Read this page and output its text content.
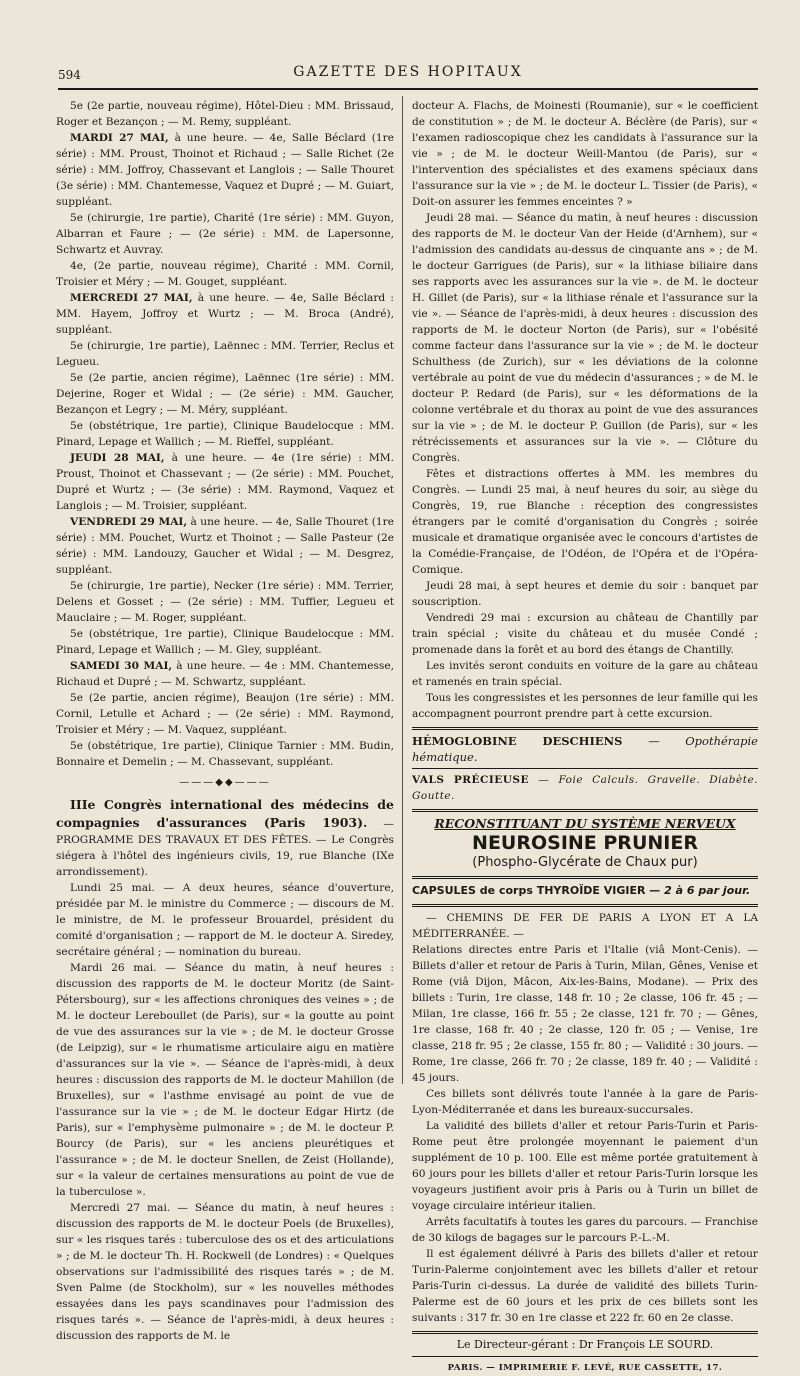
594	GAZETTE DES HOPITAUX

5e (2e partie, nouveau régime), Hôtel-Dieu : MM. Brissaud, Roger et Bezançon ; — M. Remy, suppléant.

MARDI 27 MAI, à une heure. — 4e, Salle Béclard (1re série) : MM. Proust, Thoinot et Richaud ; — Salle Richet (2e série) : MM. Joffroy, Chassevant et Langlois ; — Salle Thouret (3e série) : MM. Chantemesse, Vaquez et Dupré ; — M. Guiart, suppléant.

5e (chirurgie, 1re partie), Charité (1re série) : MM. Guyon, Albarran et Faure ; — (2e série) : MM. de Lapersonne, Schwartz et Auvray.

4e, (2e partie, nouveau régime), Charité : MM. Cornil, Troisier et Méry ; — M. Gouget, suppléant.

MERCREDI 27 MAI, à une heure. — 4e, Salle Béclard : MM. Hayem, Joffroy et Wurtz ; — M. Broca (André), suppléant.

5e (chirurgie, 1re partie), Laënnec : MM. Terrier, Reclus et Legueu.

5e (2e partie, ancien régime), Laënnec (1re série) : MM. Dejerine, Roger et Widal ; — (2e série) : MM. Gaucher, Bezançon et Legry ; — M. Méry, suppléant.

5e (obstétrique, 1re partie), Clinique Baudelocque : MM. Pinard, Lepage et Wallich ; — M. Rieffel, suppléant.

JEUDI 28 MAI, à une heure. — 4e (1re série) : MM. Proust, Thoinot et Chassevant ; — (2e série) : MM. Pouchet, Dupré et Wurtz ; — (3e série) : MM. Raymond, Vaquez et Langlois ; — M. Troisier, suppléant.

VENDREDI 29 MAI, à une heure. — 4e, Salle Thouret (1re série) : MM. Pouchet, Wurtz et Thoinot ; — Salle Pasteur (2e série) : MM. Landouzy, Gaucher et Widal ; — M. Desgrez, suppléant.

5e (chirurgie, 1re partie), Necker (1re série) : MM. Terrier, Delens et Gosset ; — (2e série) : MM. Tuffier, Legueu et Mauclaire ; — M. Roger, suppléant.

5e (obstétrique, 1re partie), Clinique Baudelocque : MM. Pinard, Lepage et Wallich ; — M. Gley, suppléant.

SAMEDI 30 MAI, à une heure. — 4e : MM. Chantemesse, Richaud et Dupré ; — M. Schwartz, suppléant.

5e (2e partie, ancien régime), Beaujon (1re série) : MM. Cornil, Letulle et Achard ; — (2e série) : MM. Raymond, Troisier et Méry ; — M. Vaquez, suppléant.

5e (obstétrique, 1re partie), Clinique Tarnier : MM. Budin, Bonnaire et Demelin ; — M. Chassevant, suppléant.

———◆◆———

IIIe Congrès international des médecins de compagnies d'assurances (Paris 1903). — PROGRAMME DES TRAVAUX ET DES FÊTES. — Le Congrès siégera à l'hôtel des ingénieurs civils, 19, rue Blanche (IXe arrondissement).

Lundi 25 mai. — A deux heures, séance d'ouverture, présidée par M. le ministre du Commerce ; — discours de M. le ministre, de M. le professeur Brouardel, président du comité d'organisation ; — rapport de M. le docteur A. Siredey, secrétaire général ; — nomination du bureau.

Mardi 26 mai. — Séance du matin, à neuf heures : discussion des rapports de M. le docteur Moritz (de Saint-Pétersbourg), sur « les affections chroniques des veines » ; de M. le docteur Lereboullet (de Paris), sur « la goutte au point de vue des assurances sur la vie » ; de M. le docteur Grosse (de Leipzig), sur « le rhumatisme articulaire aigu en matière d'assurances sur la vie ». — Séance de l'après-midi, à deux heures : discussion des rapports de M. le docteur Mahillon (de Bruxelles), sur « l'asthme envisagé au point de vue de l'assurance sur la vie » ; de M. le docteur Edgar Hirtz (de Paris), sur « l'emphysème pulmonaire » ; de M. le docteur P. Bourcy (de Paris), sur « les anciens pleurétiques et l'assurance » ; de M. le docteur Snellen, de Zeist (Hollande), sur « la valeur de certaines mensurations au point de vue de la tuberculose ».

Mercredi 27 mai. — Séance du matin, à neuf heures : discussion des rapports de M. le docteur Poels (de Bruxelles), sur « les risques tarés : tuberculose des os et des articulations » ; de M. le docteur Th. H. Rockwell (de Londres) : « Quelques observations sur l'admissibilité des risques tarés » ; de M. Sven Palme (de Stockholm), sur « les nouvelles méthodes essayées dans les pays scandinaves pour l'admission des risques tarés ». — Séance de l'après-midi, à deux heures : discussion des rapports de M. le

docteur A. Flachs, de Moinesti (Roumanie), sur « le coefficient de constitution » ; de M. le docteur A. Béclère (de Paris), sur « l'examen radioscopique chez les candidats à l'assurance sur la vie » ; de M. le docteur Weill-Mantou (de Paris), sur « l'intervention des spécialistes et des examens spéciaux dans l'assurance sur la vie » ; de M. le docteur L. Tissier (de Paris), « Doit-on assurer les femmes enceintes ? »

Jeudi 28 mai. — Séance du matin, à neuf heures : discussion des rapports de M. le docteur Van der Heide (d'Arnhem), sur « l'admission des candidats au-dessus de cinquante ans » ; de M. le docteur Garrigues (de Paris), sur « la lithiase biliaire dans ses rapports avec les assurances sur la vie ». de M. le docteur H. Gillet (de Paris), sur « la lithiase rénale et l'assurance sur la vie ». — Séance de l'après-midi, à deux heures : discussion des rapports de M. le docteur Norton (de Paris), sur « l'obésité comme facteur dans l'assurance sur la vie » ; de M. le docteur Schulthess (de Zurich), sur « les déviations de la colonne vertébrale au point de vue du médecin d'assurances ; » de M. le docteur P. Redard (de Paris), sur « les déformations de la colonne vertébrale et du thorax au point de vue des assurances sur la vie » ; de M. le docteur P. Guillon (de Paris), sur « les rétrécissements et assurances sur la vie ». — Clôture du Congrès.

Fêtes et distractions offertes à MM. les membres du Congrès. — Lundi 25 mai, à neuf heures du soir, au siège du Congrès, 19, rue Blanche : réception des congressistes étrangers par le comité d'organisation du Congrès ; soirée musicale et dramatique organisée avec le concours d'artistes de la Comédie-Française, de l'Odéon, de l'Opéra et de l'Opéra-Comique.

Jeudi 28 mai, à sept heures et demie du soir : banquet par souscription.

Vendredi 29 mai : excursion au château de Chantilly par train spécial ; visite du château et du musée Condé ; promenade dans la forêt et au bord des étangs de Chantilly.

Les invités seront conduits en voiture de la gare au château et ramenés en train spécial.

Tous les congressistes et les personnes de leur famille qui les accompagnent pourront prendre part à cette excursion.

HÉMOGLOBINE DESCHIENS — Opothérapie hématique.
VALS PRÉCIEUSE — Foie Calculs. Gravelle. Diabète. Goutte.
RECONSTITUANT DU SYSTÈME NERVEUX
NEUROSINE PRUNIER
(Phospho-Glycérate de Chaux pur)
CAPSULES de corps THYROÏDE VIGIER — 2 à 6 par jour.

— CHEMINS DE FER DE PARIS A LYON ET A LA MÉDITERRANÉE. —

Relations directes entre Paris et l'Italie (viâ Mont-Cenis). — Billets d'aller et retour de Paris à Turin, Milan, Gênes, Venise et Rome (viâ Dijon, Mâcon, Aix-les-Bains, Modane). — Prix des billets : Turin, 1re classe, 148 fr. 10 ; 2e classe, 106 fr. 45 ; — Milan, 1re classe, 166 fr. 55 ; 2e classe, 121 fr. 70 ; — Gênes, 1re classe, 168 fr. 40 ; 2e classe, 120 fr. 05 ; — Venise, 1re classe, 218 fr. 95 ; 2e classe, 155 fr. 80 ; — Validité : 30 jours. — Rome, 1re classe, 266 fr. 70 ; 2e classe, 189 fr. 40 ; — Validité : 45 jours.

Ces billets sont délivrés toute l'année à la gare de Paris-Lyon-Méditerranée et dans les bureaux-succursales.

La validité des billets d'aller et retour Paris-Turin et Paris-Rome peut être prolongée moyennant le paiement d'un supplément de 10 p. 100. Elle est même portée gratuitement à 60 jours pour les billets d'aller et retour Paris-Turin lorsque les voyageurs justifient avoir pris à Paris ou à Turin un billet de voyage circulaire intérieur italien.

Arrêts facultatifs à toutes les gares du parcours. — Franchise de 30 kilogs de bagages sur le parcours P.-L.-M.

Il est également délivré à Paris des billets d'aller et retour Turin-Palerme conjointement avec les billets d'aller et retour Paris-Turin ci-dessus. La durée de validité des billets Turin-Palerme est de 60 jours et les prix de ces billets sont les suivants : 317 fr. 30 en 1re classe et 222 fr. 60 en 2e classe.

Le Directeur-gérant : Dr François LE SOURD.
PARIS. — IMPRIMERIE F. LEVÉ, RUE CASSETTE, 17.
